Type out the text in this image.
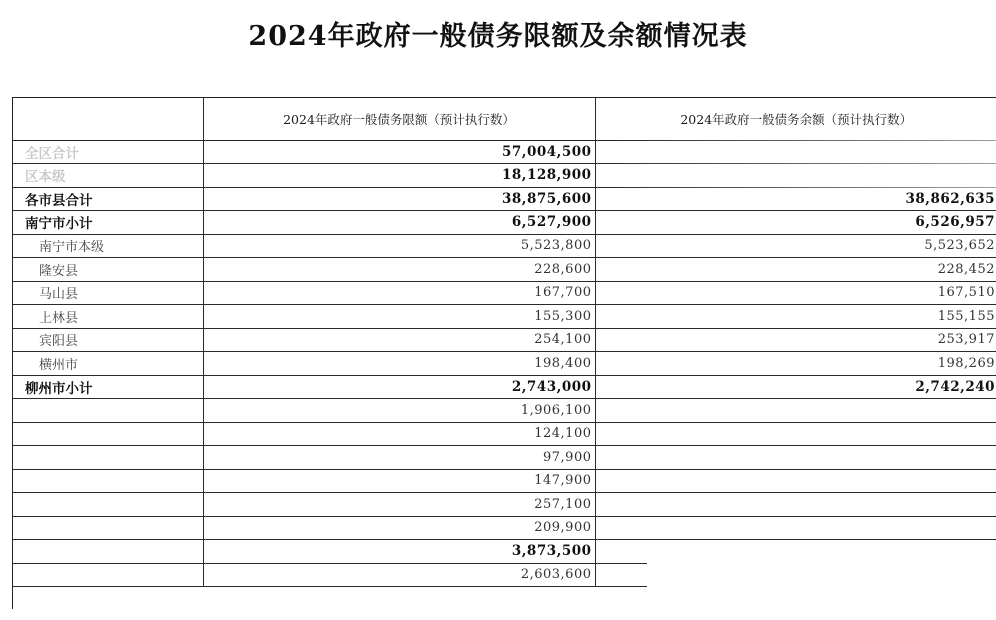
2024年政府一般债务限额及余额情况表
	2024年政府一般债务限额（预计执行数）	2024年政府一般债务余额（预计执行数）
全区合计	57,004,500	
区本级	18,128,900	
各市县合计	38,875,600	38,862,635
南宁市小计	6,527,900	6,526,957
南宁市本级	5,523,800	5,523,652
隆安县	228,600	228,452
马山县	167,700	167,510
上林县	155,300	155,155
宾阳县	254,100	253,917
横州市	198,400	198,269
柳州市小计	2,743,000	2,742,240
	1,906,100	
	124,100	
	97,900	
	147,900	
	257,100	
	209,900	
	3,873,500	
	2,603,600	
